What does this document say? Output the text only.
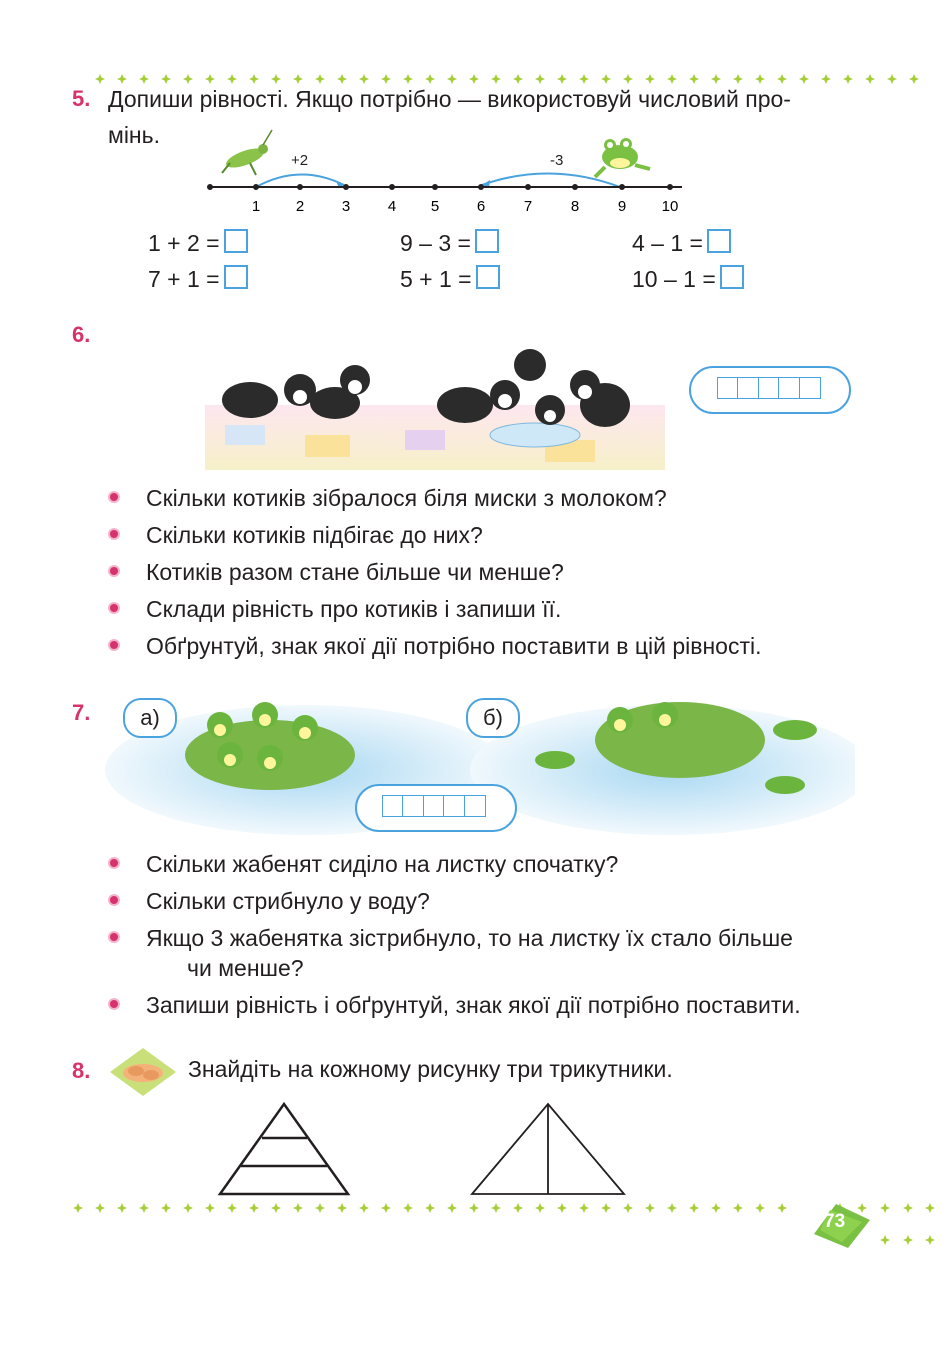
5. Допиши рівності. Якщо потрібно — використовуй числовий про-
мінь.
+2	-3
1 2	3	4 5	6	7	8	9 10
1 + 2 =	9 – 3 =	4 – 1 =
7 + 1 =	5 + 1 =	10 – 1 =
6.
Скільки котиків зібралося біля миски з молоком?
Скільки котиків підбігає до них?
Котиків разом стане більше чи менше?
Склади рівність про котиків і запиши її.
Обґрунтуй, знак якої дії потрібно поставити в цій рівності.
7.	а)	б)
Скільки жабенят сиділо на листку спочатку?
Скільки стрибнуло у воду?
Якщо 3 жабенятка зістрибнуло, то на листку їх стало більше
чи менше?
Запиши рівність і обґрунтуй, знак якої дії потрібно поставити.
8.	Знайдіть на кожному рисунку три трикутники.
73
